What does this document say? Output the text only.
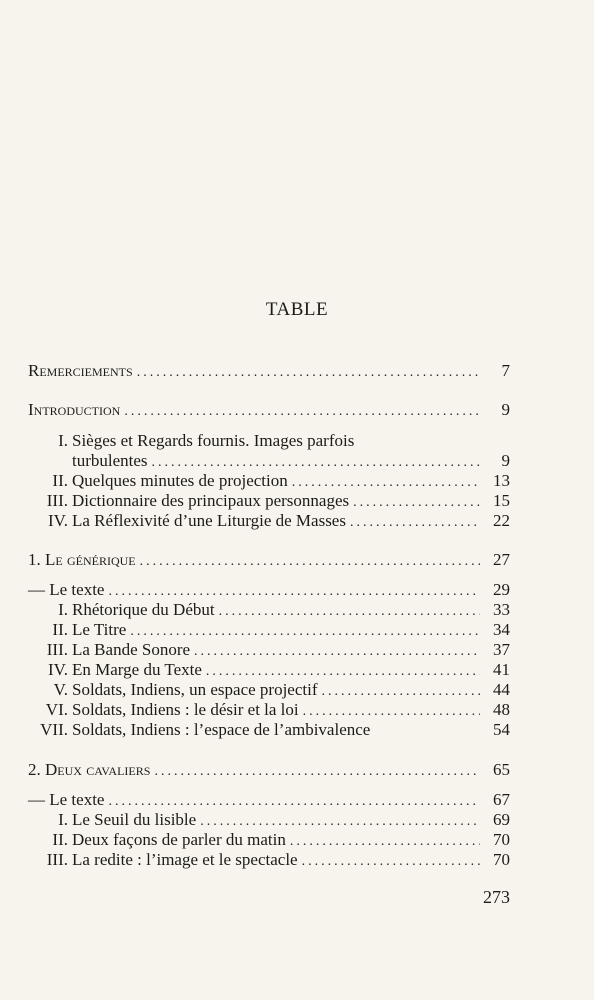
TABLE
Remerciements .....	7
Introduction .....	9
I. Sièges et Regards fournis. Images parfois
turbulentes .....	9
II. Quelques minutes de projection .....	13
III. Dictionnaire des principaux personnages .....	15
IV. La Réflexivité d’une Liturgie de Masses .....	22
1. Le générique .....	27
— Le texte .....	29
I. Rhétorique du Début .....	33
II. Le Titre .....	34
III. La Bande Sonore .....	37
IV. En Marge du Texte .....	41
V. Soldats, Indiens, un espace projectif .....	44
VI. Soldats, Indiens : le désir et la loi .....	48
VII. Soldats, Indiens : l’espace de l’ambivalence	54
2. Deux cavaliers .....	65
— Le texte .....	67
I. Le Seuil du lisible .....	69
II. Deux façons de parler du matin .....	70
III. La redite : l’image et le spectacle .....	70
273
